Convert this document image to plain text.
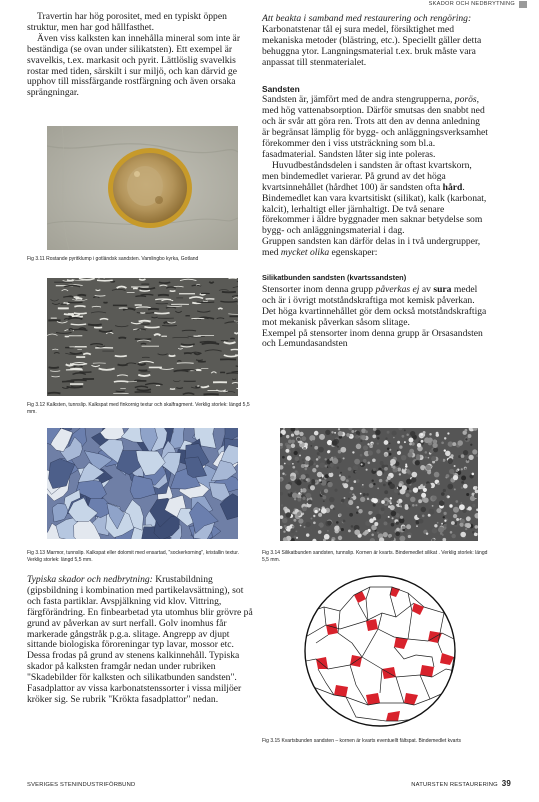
SKADOR OCH NEDBRYTNING

Travertin har hög porositet, med en typiskt öppen struktur, men har god hållfasthet.

Även viss kalksten kan innehålla mineral som inte är beständiga (se ovan under silikatsten). Ett exempel är svavelkis, t.ex. markasit och pyrit. Lättlöslig svavelkis rostar med tiden, särskilt i sur miljö, och kan därvid ge upphov till missfärgande rostfärgning och även orsaka sprängningar.

Att beakta i samband med restaurering och rengöring: Karbonatstenar tål ej sura medel, försiktighet med mekaniska metoder (blästring, etc.). Speciellt gäller detta behuggna ytor. Langningsmaterial t.ex. bruk måste vara anpassat till stenmaterialet.

Sandsten

Sandsten är, jämfört med de andra stengrupperna, porös, med hög vattenabsorption. Därför smutsas den snabbt ned och är svår att göra ren. Trots att den av denna anledning är begränsat lämplig för bygg- och anläggningsverksamhet förekommer den i viss utsträckning som bl.a. fasadmaterial. Sandsten låter sig inte poleras.

Huvudbeståndsdelen i sandsten är oftast kvartskorn, men bindemedlet varierar. På grund av det höga kvartsinnehållet (hårdhet 100) är sandsten ofta hård. Bindemedlet kan vara kvartsitiskt (silikat), kalk (karbonat, kalcit), lerhaltigt eller järnhaltigt. De två senare förekommer i äldre byggnader men saknar betydelse som bygg- och anläggningsmaterial i dag.

Gruppen sandsten kan därför delas in i två undergrupper, med mycket olika egenskaper:

Silikatbunden sandsten (kvartssandsten)

Stensorter inom denna grupp påverkas ej av sura medel och är i övrigt motståndskraftiga mot kemisk påverkan. Det höga kvartinnehållet gör dem också motståndskraftiga mot mekanisk påverkan såsom slitage.

Exempel på stensorter inom denna grupp är Orsasandsten och Lemundasandsten

Fig 3.11 Rostande pyritklump i gotländsk sandsten. Vamlingbo kyrka, Gotland
Fig 3.12 Kalksten, tunnslip. Kalkspat med finkornig textur och skalfragment. Verklig storlek: längd 5,5 mm.
Fig 3.13 Marmor, tunnslip. Kalkspat eller dolomit med ensartad, "sockerkorning", kristallin textur. Verklig storlek: längd 5,5 mm.
Fig 3.14 Silikatbunden sandsten, tunnslip. Kornen är kvarts. Bindemedlet silikat . Verklig storlek: längd 5,5 mm.
Fig 3.15 Kvartsbunden sandsten – kornen är kvarts eventuellt fältspat. Bindemedlet kvarts

Typiska skador och nedbrytning: Krustabildning (gipsbildning i kombination med partikelavsättning), sot och fasta partiklar. Avspjälkning vid klov. Vittring, färgförändring. En finbearbetad yta utomhus blir grövre på grund av påverkan av surt nerfall. Golv inomhus får markerade gångstråk p.g.a. slitage. Angrepp av djupt sittande biologiska föroreningar typ lavar, mossor etc. Dessa frodas på grund av stenens kalkinnehåll. Typiska skador på kalksten framgår nedan under rubriken "Skadebilder för kalksten och silikatbunden sandsten". Fasadplattor av vissa karbonatstenssorter i vissa miljöer kröker sig. Se rubrik "Krökta fasadplattor" nedan.

SVERIGES STENINDUSTRIFÖRBUND	NATURSTEN RESTAURERING 39
